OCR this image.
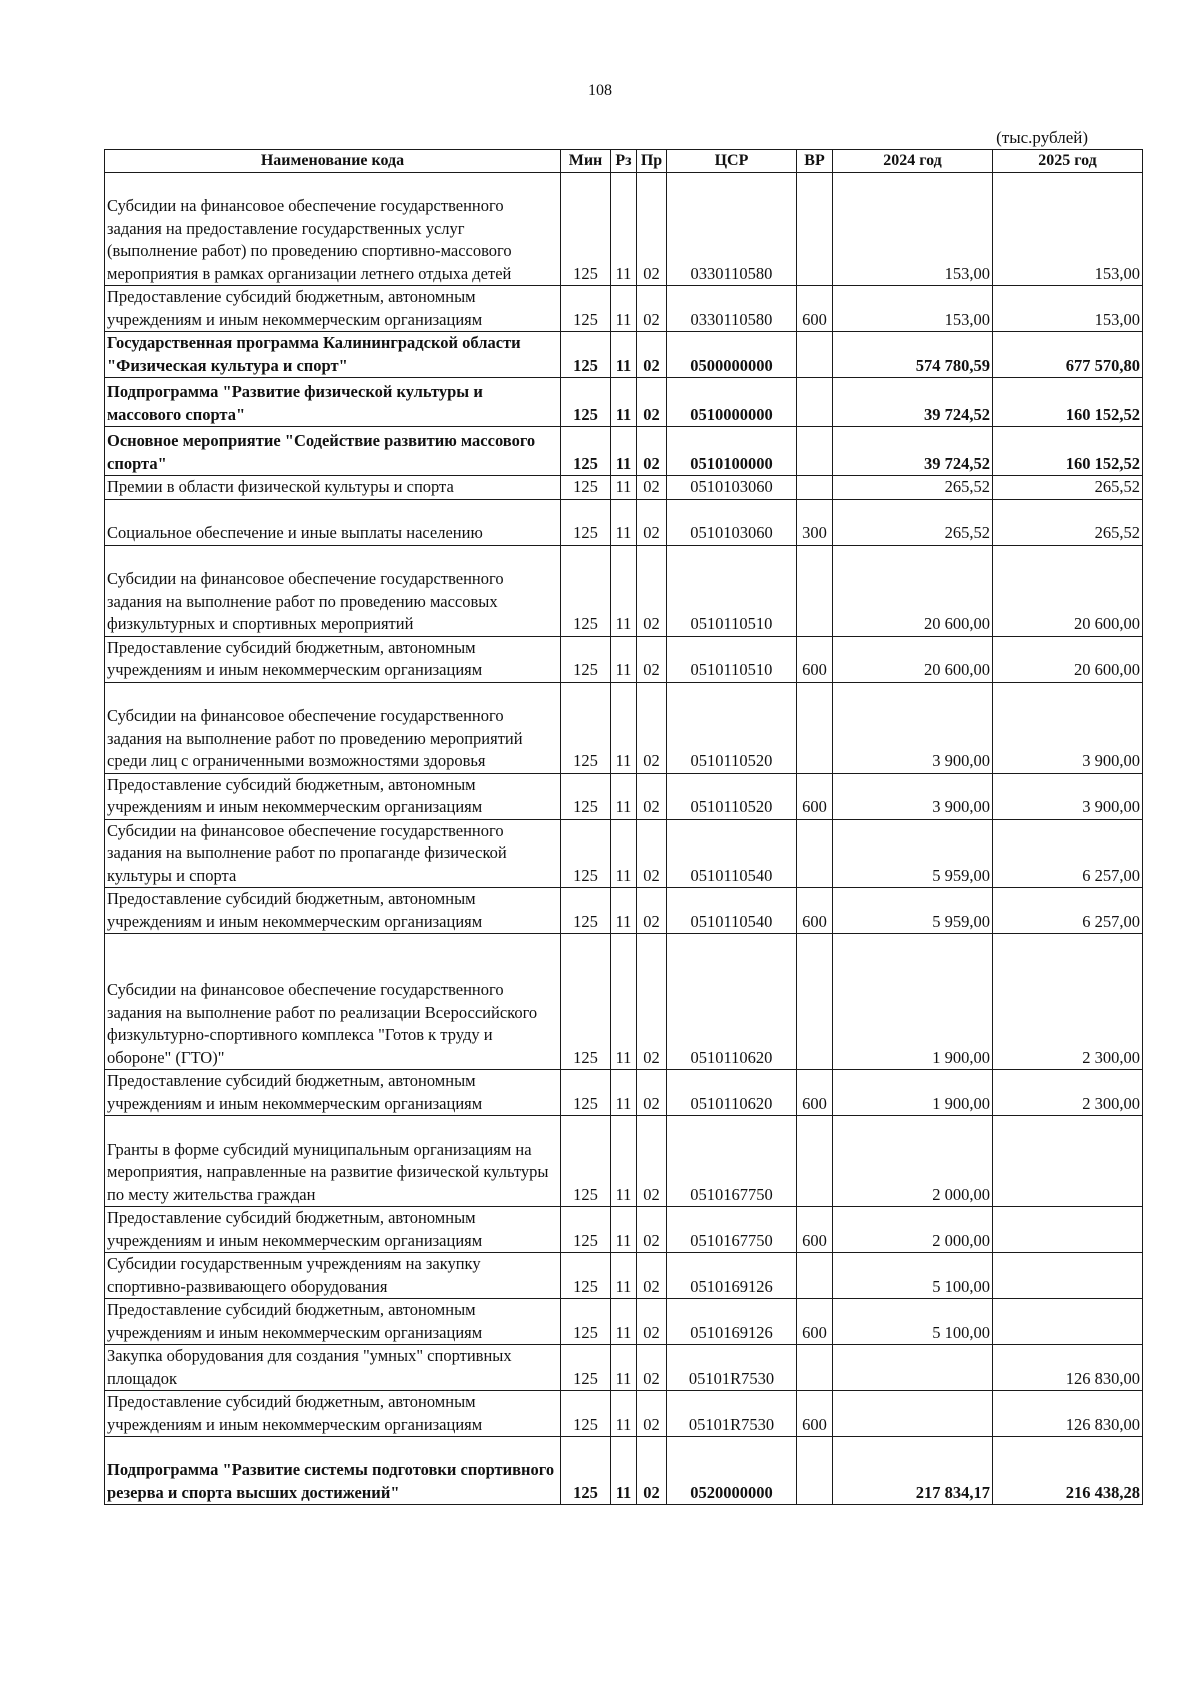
108
(тыс.рублей)
Наименование кода	Мин	Рз	Пр	ЦСР	ВР	2024 год	2025 год
Субсидии на финансовое обеспечение государственного задания на предоставление государственных услуг (выполнение работ) по проведению спортивно-массового мероприятия в рамках организации летнего отдыха детей	125	11	02	0330110580		153,00	153,00
Предоставление субсидий бюджетным, автономным учреждениям и иным некоммерческим организациям	125	11	02	0330110580	600	153,00	153,00
Государственная программа Калининградской области "Физическая культура и спорт"	125	11	02	0500000000		574 780,59	677 570,80
Подпрограмма "Развитие физической культуры и массового спорта"	125	11	02	0510000000		39 724,52	160 152,52
Основное мероприятие "Содействие развитию массового спорта"	125	11	02	0510100000		39 724,52	160 152,52
Премии в области физической культуры и спорта	125	11	02	0510103060		265,52	265,52
Социальное обеспечение и иные выплаты населению	125	11	02	0510103060	300	265,52	265,52
Субсидии на финансовое обеспечение государственного задания на выполнение работ по проведению массовых физкультурных и спортивных мероприятий	125	11	02	0510110510		20 600,00	20 600,00
Предоставление субсидий бюджетным, автономным учреждениям и иным некоммерческим организациям	125	11	02	0510110510	600	20 600,00	20 600,00
Субсидии на финансовое обеспечение государственного задания на выполнение работ по проведению мероприятий среди лиц с ограниченными возможностями здоровья	125	11	02	0510110520		3 900,00	3 900,00
Предоставление субсидий бюджетным, автономным учреждениям и иным некоммерческим организациям	125	11	02	0510110520	600	3 900,00	3 900,00
Субсидии на финансовое обеспечение государственного задания на выполнение работ по пропаганде физической культуры и спорта	125	11	02	0510110540		5 959,00	6 257,00
Предоставление субсидий бюджетным, автономным учреждениям и иным некоммерческим организациям	125	11	02	0510110540	600	5 959,00	6 257,00
Субсидии на финансовое обеспечение государственного задания на выполнение работ по реализации Всероссийского физкультурно-спортивного комплекса "Готов к труду и обороне" (ГТО)"	125	11	02	0510110620		1 900,00	2 300,00
Предоставление субсидий бюджетным, автономным учреждениям и иным некоммерческим организациям	125	11	02	0510110620	600	1 900,00	2 300,00
Гранты в форме субсидий муниципальным организациям на мероприятия, направленные на развитие физической культуры по месту жительства граждан	125	11	02	0510167750		2 000,00	
Предоставление субсидий бюджетным, автономным учреждениям и иным некоммерческим организациям	125	11	02	0510167750	600	2 000,00	
Субсидии государственным учреждениям на закупку спортивно-развивающего оборудования	125	11	02	0510169126		5 100,00	
Предоставление субсидий бюджетным, автономным учреждениям и иным некоммерческим организациям	125	11	02	0510169126	600	5 100,00	
Закупка оборудования для создания "умных" спортивных площадок	125	11	02	05101R7530			126 830,00
Предоставление субсидий бюджетным, автономным учреждениям и иным некоммерческим организациям	125	11	02	05101R7530	600		126 830,00
Подпрограмма "Развитие системы подготовки спортивного резерва и спорта высших достижений"	125	11	02	0520000000		217 834,17	216 438,28
